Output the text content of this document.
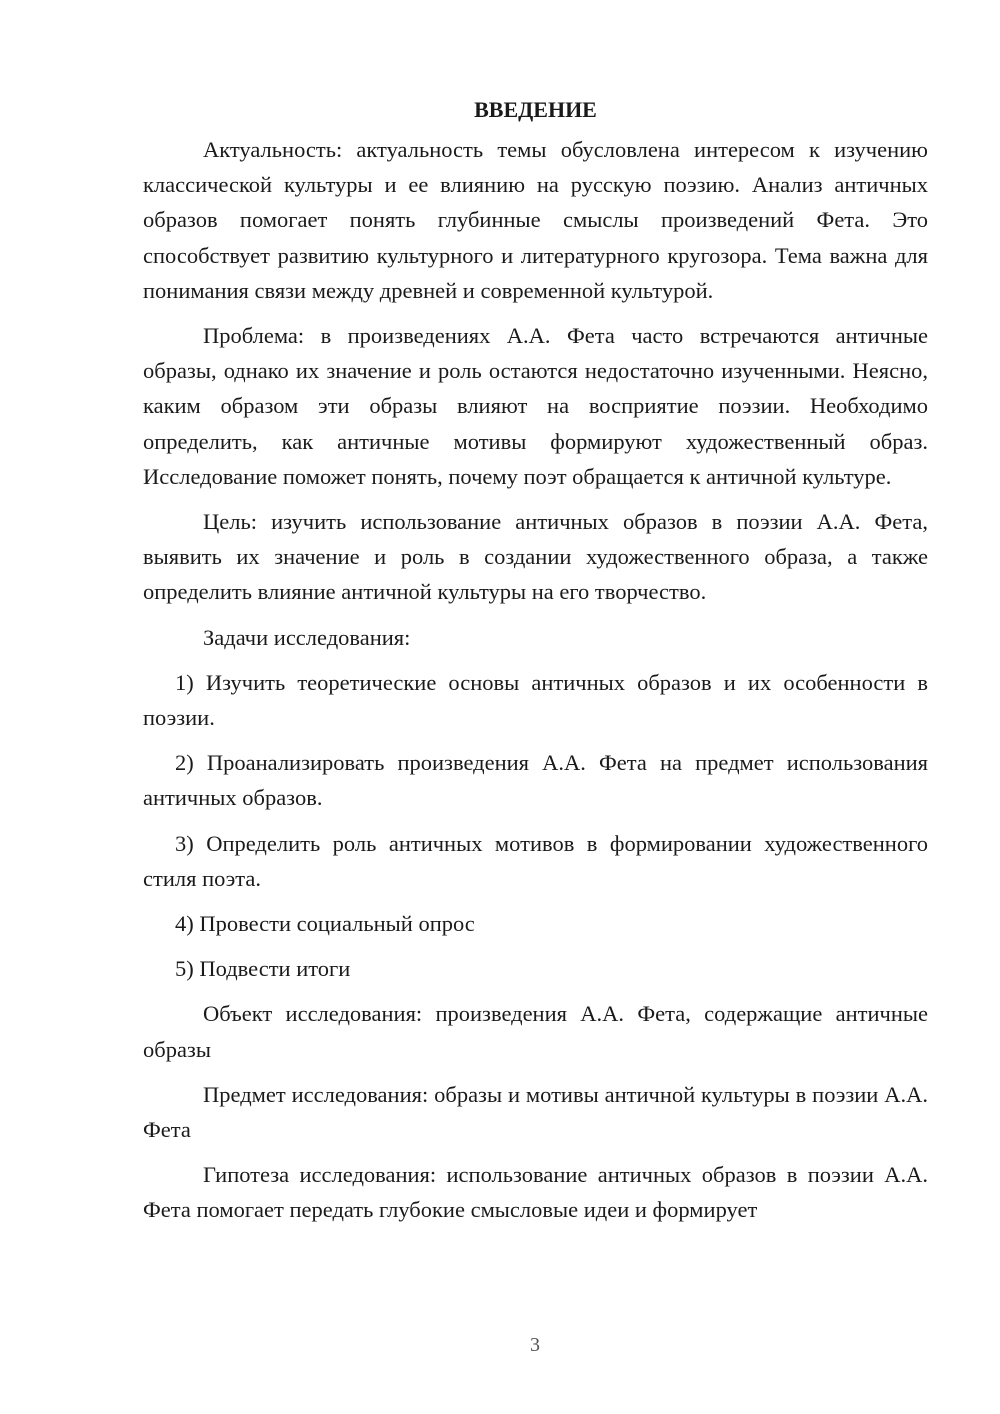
ВВЕДЕНИЕ
Актуальность: актуальность темы обусловлена интересом к изучению классической культуры и ее влиянию на русскую поэзию. Анализ античных образов помогает понять глубинные смыслы произведений Фета. Это способствует развитию культурного и литературного кругозора. Тема важна для понимания связи между древней и современной культурой.
Проблема: в произведениях А.А. Фета часто встречаются античные образы, однако их значение и роль остаются недостаточно изученными. Неясно, каким образом эти образы влияют на восприятие поэзии. Необходимо определить, как античные мотивы формируют художественный образ. Исследование поможет понять, почему поэт обращается к античной культуре.
Цель: изучить использование античных образов в поэзии А.А. Фета, выявить их значение и роль в создании художественного образа, а также определить влияние античной культуры на его творчество.
Задачи исследования:
1) Изучить теоретические основы античных образов и их особенности в поэзии.
2) Проанализировать произведения А.А. Фета на предмет использования античных образов.
3) Определить роль античных мотивов в формировании художественного стиля поэта.
4) Провести социальный опрос
5) Подвести итоги
Объект исследования: произведения А.А. Фета, содержащие античные образы
Предмет исследования: образы и мотивы античной культуры в поэзии А.А. Фета
Гипотеза исследования: использование античных образов в поэзии А.А. Фета помогает передать глубокие смысловые идеи и формирует
3
